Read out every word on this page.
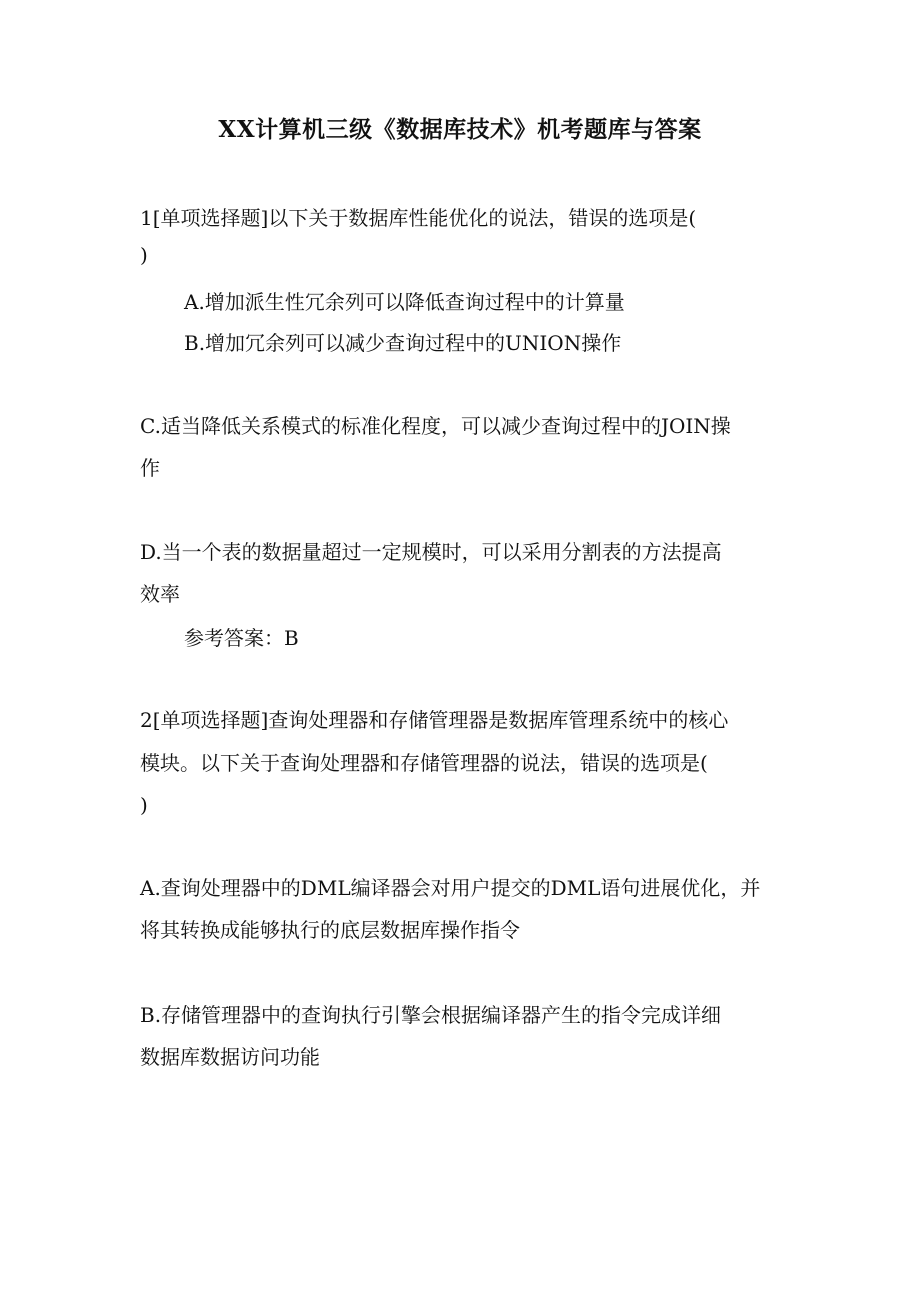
XX计算机三级《数据库技术》机考题库与答案
1[单项选择题]以下关于数据库性能优化的说法，错误的选项是(
)
A.增加派生性冗余列可以降低查询过程中的计算量
B.增加冗余列可以减少查询过程中的UNION操作
C.适当降低关系模式的标准化程度，可以减少查询过程中的JOIN操
作
D.当一个表的数据量超过一定规模时，可以采用分割表的方法提高
效率
参考答案：B
2[单项选择题]查询处理器和存储管理器是数据库管理系统中的核心
模块。以下关于查询处理器和存储管理器的说法，错误的选项是(
)
A.查询处理器中的DML编译器会对用户提交的DML语句进展优化，并
将其转换成能够执行的底层数据库操作指令
B.存储管理器中的查询执行引擎会根据编译器产生的指令完成详细
数据库数据访问功能
